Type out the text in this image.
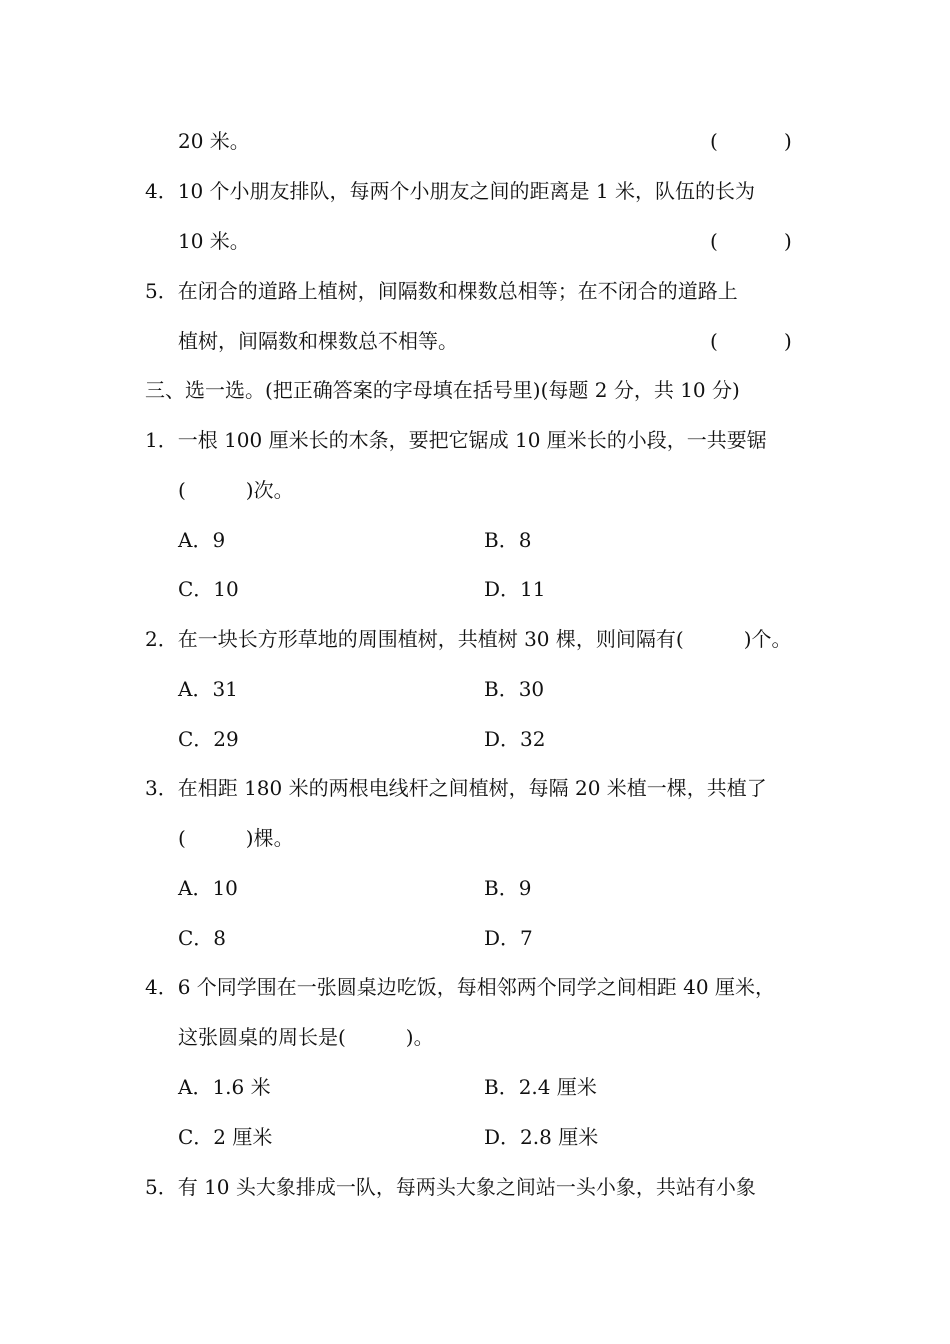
20 米。	(	)
4．10 个小朋友排队，每两个小朋友之间的距离是 1 米，队伍的长为
10 米。	(	)
5．在闭合的道路上植树，间隔数和棵数总相等；在不闭合的道路上
植树，间隔数和棵数总不相等。	(	)
三、选一选。(把正确答案的字母填在括号里)(每题 2 分，共 10 分)
1．一根 100 厘米长的木条，要把它锯成 10 厘米长的小段，一共要锯
(　　　)次。
A．9	B．8
C．10	D．11
2．在一块长方形草地的周围植树，共植树 30 棵，则间隔有(　　　)个。
A．31	B．30
C．29	D．32
3．在相距 180 米的两根电线杆之间植树，每隔 20 米植一棵，共植了
(　　　)棵。
A．10	B．9
C．8	D．7
4．6 个同学围在一张圆桌边吃饭，每相邻两个同学之间相距 40 厘米，
这张圆桌的周长是(　　　)。
A．1.6 米	B．2.4 厘米
C．2 厘米	D．2.8 厘米
5．有 10 头大象排成一队，每两头大象之间站一头小象，共站有小象
